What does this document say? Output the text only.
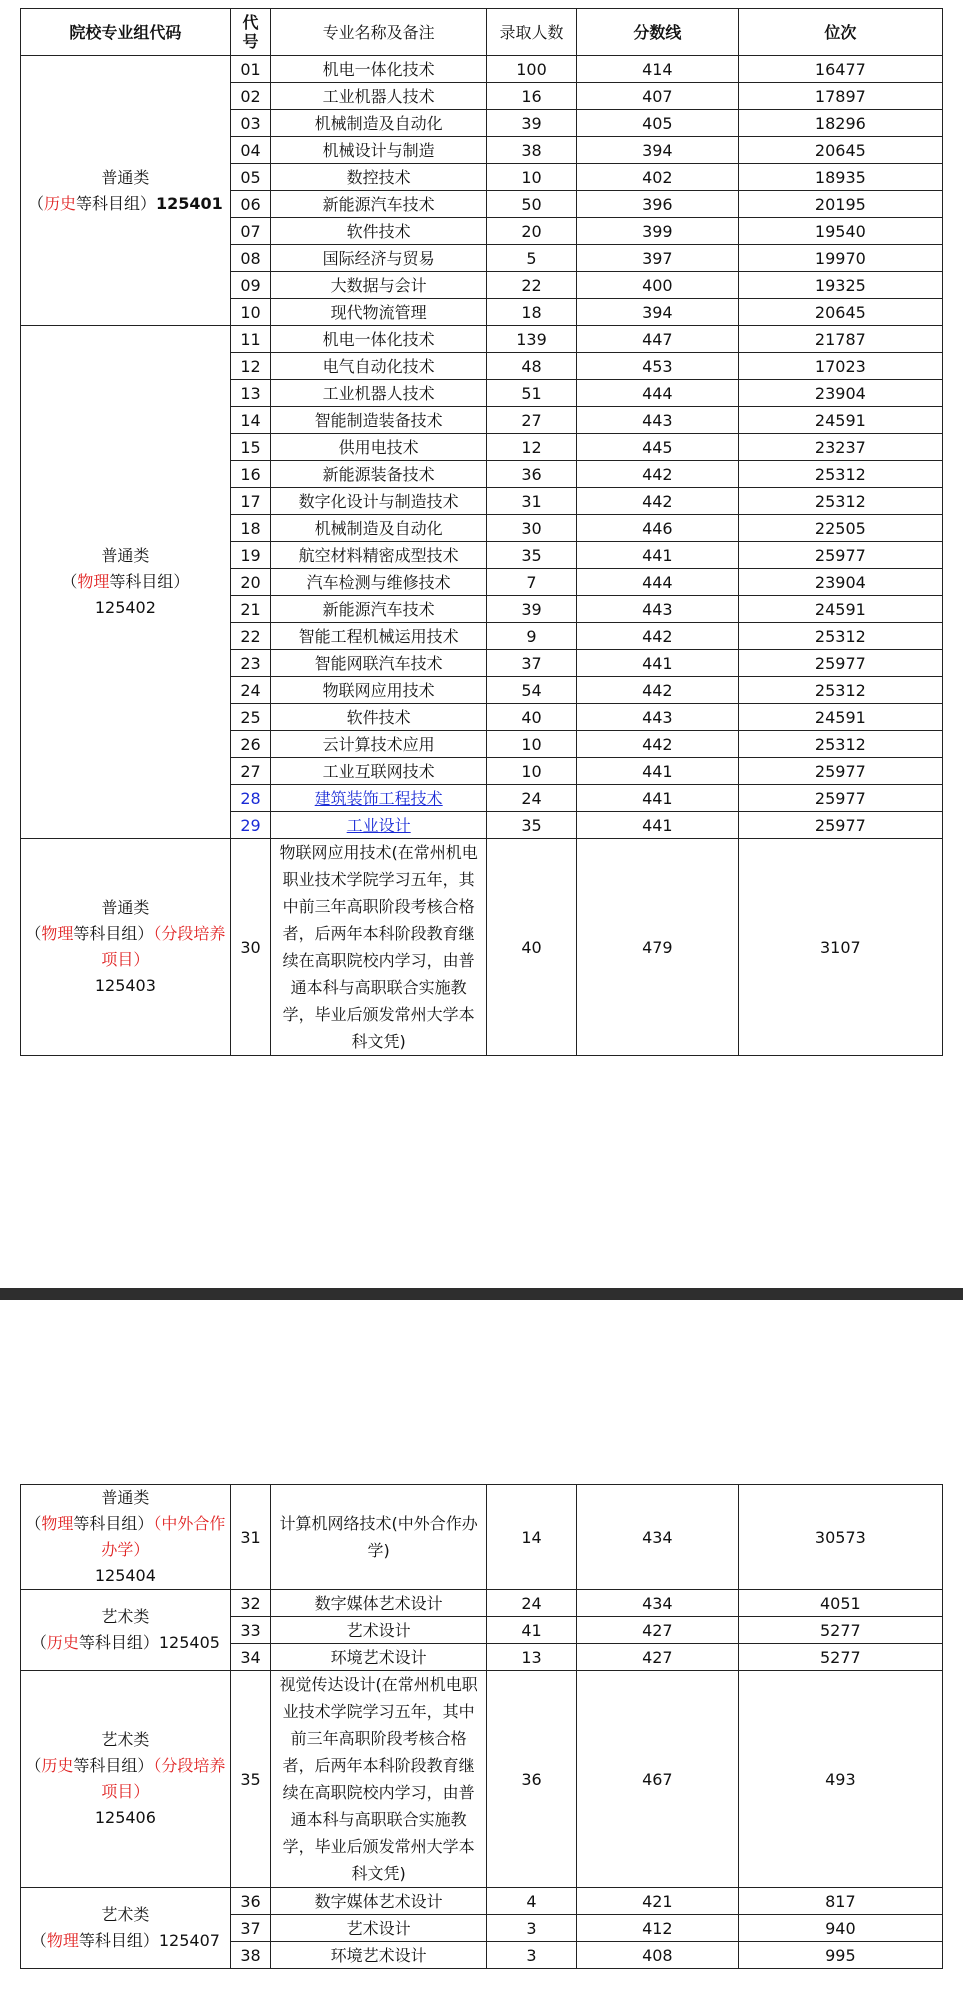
院校专业组代码	代号	专业名称及备注	录取人数	分数线	位次
普通类
（历史等科目组）125401	01	机电一体化技术	100	414	16477
	02	工业机器人技术	16	407	17897
	03	机械制造及自动化	39	405	18296
	04	机械设计与制造	38	394	20645
	05	数控技术	10	402	18935
	06	新能源汽车技术	50	396	20195
	07	软件技术	20	399	19540
	08	国际经济与贸易	5	397	19970
	09	大数据与会计	22	400	19325
	10	现代物流管理	18	394	20645
普通类
（物理等科目组）
125402	11	机电一体化技术	139	447	21787
	12	电气自动化技术	48	453	17023
	13	工业机器人技术	51	444	23904
	14	智能制造装备技术	27	443	24591
	15	供用电技术	12	445	23237
	16	新能源装备技术	36	442	25312
	17	数字化设计与制造技术	31	442	25312
	18	机械制造及自动化	30	446	22505
	19	航空材料精密成型技术	35	441	25977
	20	汽车检测与维修技术	7	444	23904
	21	新能源汽车技术	39	443	24591
	22	智能工程机械运用技术	9	442	25312
	23	智能网联汽车技术	37	441	25977
	24	物联网应用技术	54	442	25312
	25	软件技术	40	443	24591
	26	云计算技术应用	10	442	25312
	27	工业互联网技术	10	441	25977
	28	建筑装饰工程技术	24	441	25977
	29	工业设计	35	441	25977
普通类
（物理等科目组）（分段培养项目）
125403	30	物联网应用技术(在常州机电职业技术学院学习五年，其中前三年高职阶段考核合格者，后两年本科阶段教育继续在高职院校内学习，由普通本科与高职联合实施教学，毕业后颁发常州大学本科文凭)	40	479	3107
普通类
（物理等科目组）（中外合作办学）
125404	31	计算机网络技术(中外合作办学)	14	434	30573
艺术类
（历史等科目组）125405	32	数字媒体艺术设计	24	434	4051
	33	艺术设计	41	427	5277
	34	环境艺术设计	13	427	5277
艺术类
（历史等科目组）（分段培养项目）
125406	35	视觉传达设计(在常州机电职业技术学院学习五年，其中前三年高职阶段考核合格者，后两年本科阶段教育继续在高职院校内学习，由普通本科与高职联合实施教学，毕业后颁发常州大学本科文凭)	36	467	493
艺术类
（物理等科目组）125407	36	数字媒体艺术设计	4	421	817
	37	艺术设计	3	412	940
	38	环境艺术设计	3	408	995
